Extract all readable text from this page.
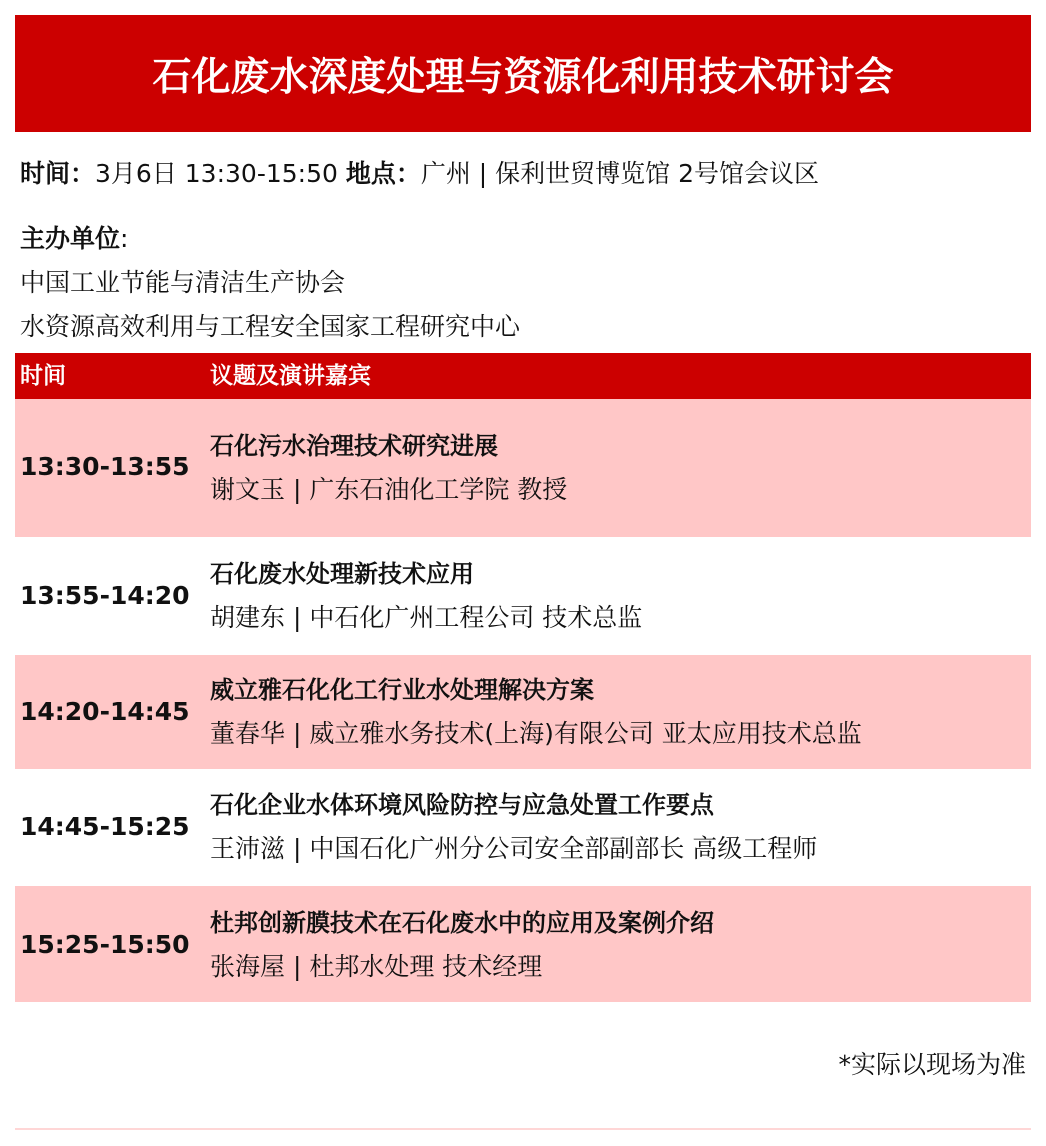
石化废水深度处理与资源化利用技术研讨会
时间：3月6日 13:30-15:50 地点：广州 | 保利世贸博览馆 2号馆会议区
主办单位:
中国工业节能与清洁生产协会
水资源高效利用与工程安全国家工程研究中心
时间	议题及演讲嘉宾
13:30-13:55
石化污水治理技术研究进展
谢文玉 | 广东石油化工学院 教授
13:55-14:20
石化废水处理新技术应用
胡建东 | 中石化广州工程公司 技术总监
14:20-14:45
威立雅石化化工行业水处理解决方案
董春华 | 威立雅水务技术(上海)有限公司 亚太应用技术总监
14:45-15:25
石化企业水体环境风险防控与应急处置工作要点
王沛滋 | 中国石化广州分公司安全部副部长 高级工程师
15:25-15:50
杜邦创新膜技术在石化废水中的应用及案例介绍
张海屋 | 杜邦水处理 技术经理
*实际以现场为准
